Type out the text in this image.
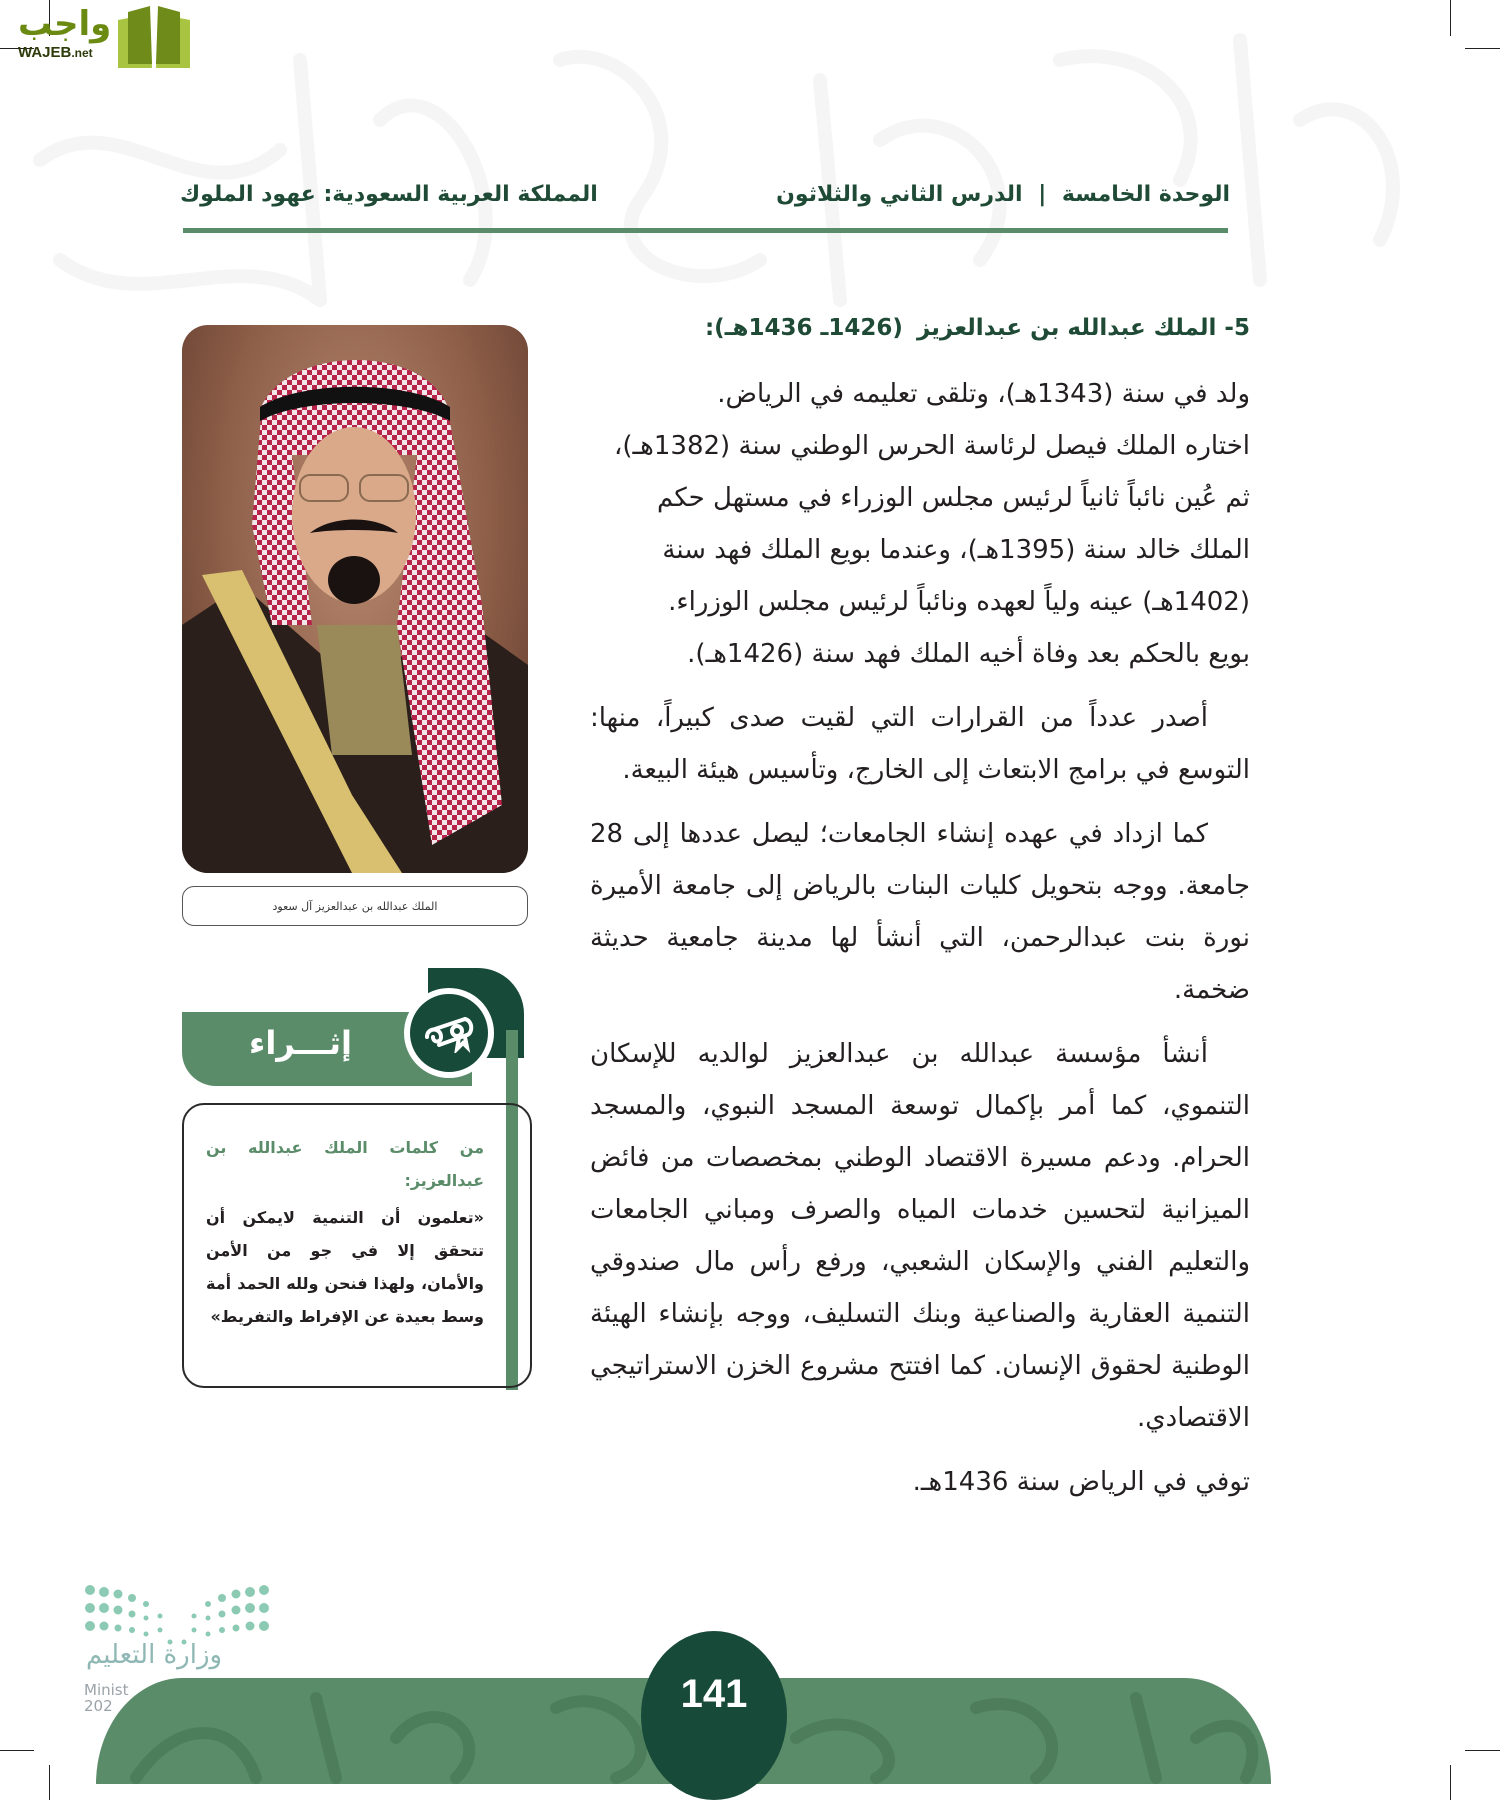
واجب
WAJEB.net
الوحدة الخامسة | الدرس الثاني والثلاثون
المملكة العربية السعودية: عهود الملوك
5- الملك عبدالله بن عبدالعزيز(1426ـ 1436هـ):

ولد في سنة (1343هـ)، وتلقى تعليمه في الرياض.
اختاره الملك فيصل لرئاسة الحرس الوطني سنة (1382هـ)،
ثم عُين نائباً ثانياً لرئيس مجلس الوزراء في مستهل حكم
الملك خالد سنة (1395هـ)، وعندما بويع الملك فهد سنة
(1402هـ) عينه ولياً لعهده ونائباً لرئيس مجلس الوزراء.
بويع بالحكم بعد وفاة أخيه الملك فهد سنة (1426هـ).

أصدر عدداً من القرارات التي لقيت صدى كبيراً، منها: التوسع في برامج الابتعاث إلى الخارج، وتأسيس هيئة البيعة.

كما ازداد في عهده إنشاء الجامعات؛ ليصل عددها إلى 28 جامعة. ووجه بتحويل كليات البنات بالرياض إلى جامعة الأميرة نورة بنت عبدالرحمن، التي أنشأ لها مدينة جامعية حديثة ضخمة.

أنشأ مؤسسة عبدالله بن عبدالعزيز لوالديه للإسكان التنموي، كما أمر بإكمال توسعة المسجد النبوي، والمسجد الحرام. ودعم مسيرة الاقتصاد الوطني بمخصصات من فائض الميزانية لتحسين خدمات المياه والصرف ومباني الجامعات والتعليم الفني والإسكان الشعبي، ورفع رأس مال صندوقي التنمية العقارية والصناعية وبنك التسليف، ووجه بإنشاء الهيئة الوطنية لحقوق الإنسان. كما افتتح مشروع الخزن الاستراتيجي الاقتصادي.

توفي في الرياض سنة 1436هـ.

الملك عبدالله بن عبدالعزيز آل سعود
إثـــراء
من كلمات الملك عبدالله بن عبدالعزيز:
«تعلمون أن التنمية لايمكن أن تتحقق إلا في جو من الأمن والأمان، ولهذا فنحن ولله الحمد أمة وسط بعيدة عن الإفراط والتفريط»
وزارة التعليم
Minist
202	141
